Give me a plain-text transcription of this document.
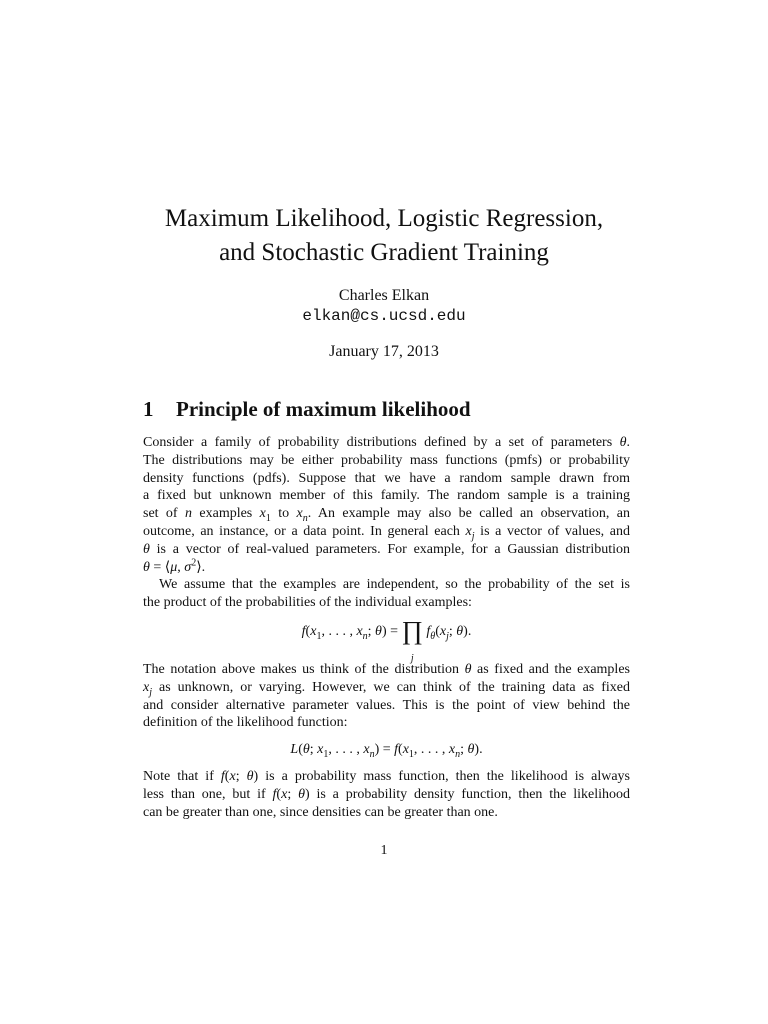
Maximum Likelihood, Logistic Regression,
and Stochastic Gradient Training
Charles Elkan
elkan@cs.ucsd.edu
January 17, 2013
1 Principle of maximum likelihood
Consider a family of probability distributions defined by a set of parameters θ.
The distributions may be either probability mass functions (pmfs) or probability
density functions (pdfs). Suppose that we have a random sample drawn from
a fixed but unknown member of this family. The random sample is a training
set of n examples $x_1$ to $x_n$. An example may also be called an observation, an
outcome, an instance, or a data point. In general each $x_j$ is a vector of values, and
θ is a vector of real-valued parameters. For example, for a Gaussian distribution
θ = ⟨μ, $\sigma^2⟩$.
We assume that the examples are independent, so the probability of the set is
the product of the probabilities of the individual examples:
$f(x_1$, . . . , $x_n$; θ) = ∏
j
$f_\theta(x_j$; θ).
The notation above makes us think of the distribution θ as fixed and the examples
$x_j$ as unknown, or varying. However, we can think of the training data as fixed
and consider alternative parameter values. This is the point of view behind the
definition of the likelihood function:
L(θ; $x_1$, . . . , $x_n) = f(x_1$, . . . , $x_n$; θ).
Note that if f(x; θ) is a probability mass function, then the likelihood is always
less than one, but if f(x; θ) is a probability density function, then the likelihood
can be greater than one, since densities can be greater than one.
1
